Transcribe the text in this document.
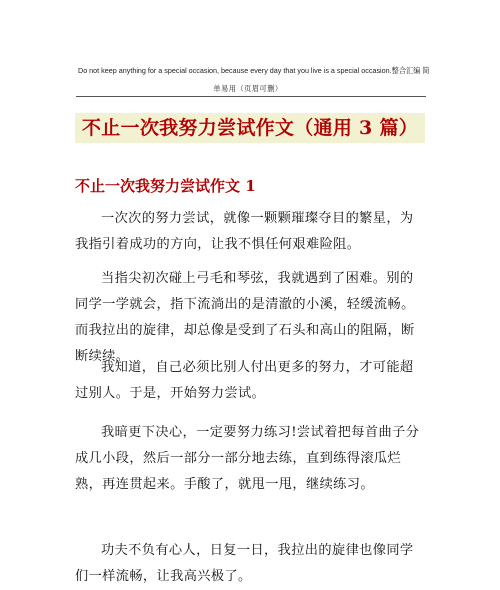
Do not keep anything for a special occasion, because every day that you live is a special occasion.整合汇编 简
单易用（页眉可删）
不止一次我努力尝试作文（通用 3 篇）
不止一次我努力尝试作文 1

一次次的努力尝试，就像一颗颗璀璨夺目的繁星，为我指引着成功的方向，让我不惧任何艰难险阻。

当指尖初次碰上弓毛和琴弦，我就遇到了困难。别的同学一学就会，指下流淌出的是清澈的小溪，轻缓流畅。而我拉出的旋律，却总像是受到了石头和高山的阻隔，断断续续。

我知道，自己必须比别人付出更多的努力，才可能超过别人。于是，开始努力尝试。

我暗更下决心，一定要努力练习!尝试着把每首曲子分成几小段，然后一部分一部分地去练，直到练得滚瓜烂熟，再连贯起来。手酸了，就甩一甩，继续练习。

功夫不负有心人，日复一日，我拉出的旋律也像同学们一样流畅，让我高兴极了。
